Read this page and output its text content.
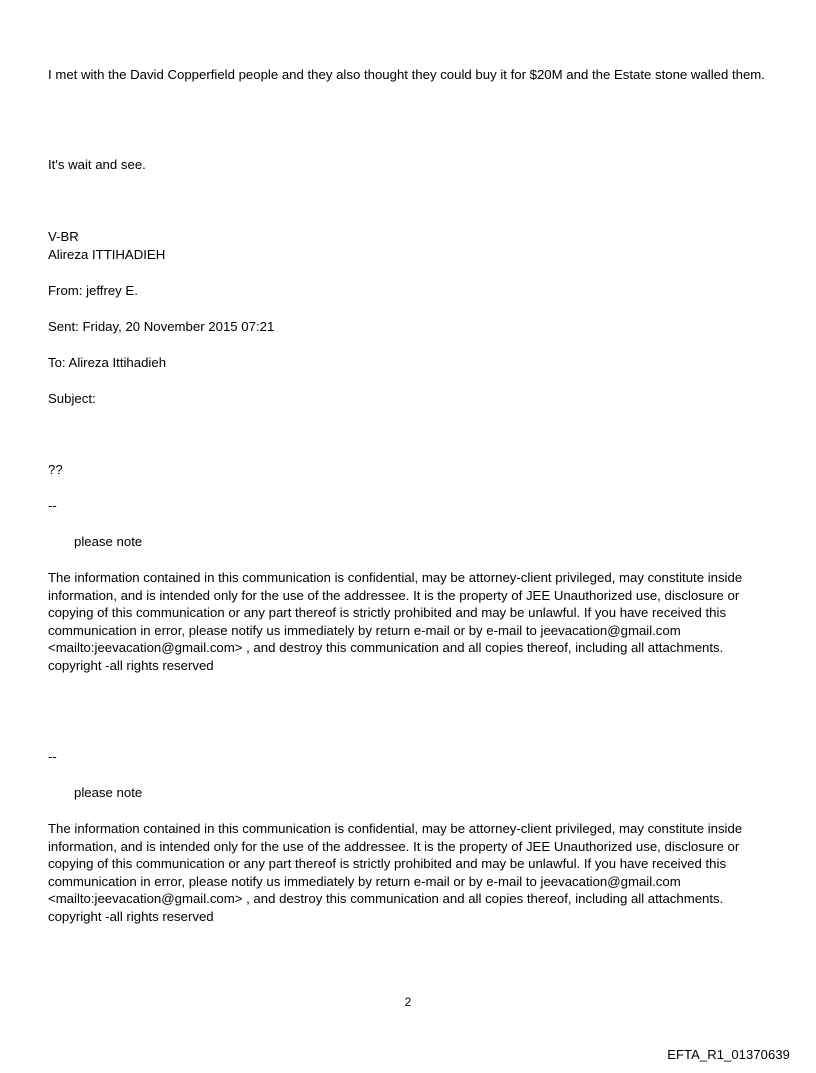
I met with the David Copperfield people and they also thought they could buy it for $20M and the Estate stone walled them.

It's wait and see.

V-BR

Alireza ITTIHADIEH

From: jeffrey E.

Sent: Friday, 20 November 2015 07:21

To: Alireza Ittihadieh

Subject:

??

--

please note

The information contained in this communication is confidential, may be attorney-client privileged, may constitute inside information, and is intended only for the use of the addressee. It is the property of JEE Unauthorized use, disclosure or copying of this communication or any part thereof is strictly prohibited and may be unlawful. If you have received this communication in error, please notify us immediately by return e-mail or by e-mail to jeevacation@gmail.com <mailto:jeevacation@gmail.com> , and destroy this communication and all copies thereof, including all attachments. copyright -all rights reserved

--

please note

The information contained in this communication is confidential, may be attorney-client privileged, may constitute inside information, and is intended only for the use of the addressee. It is the property of JEE Unauthorized use, disclosure or copying of this communication or any part thereof is strictly prohibited and may be unlawful. If you have received this communication in error, please notify us immediately by return e-mail or by e-mail to jeevacation@gmail.com <mailto:jeevacation@gmail.com> , and destroy this communication and all copies thereof, including all attachments. copyright -all rights reserved

2
EFTA_R1_01370639
